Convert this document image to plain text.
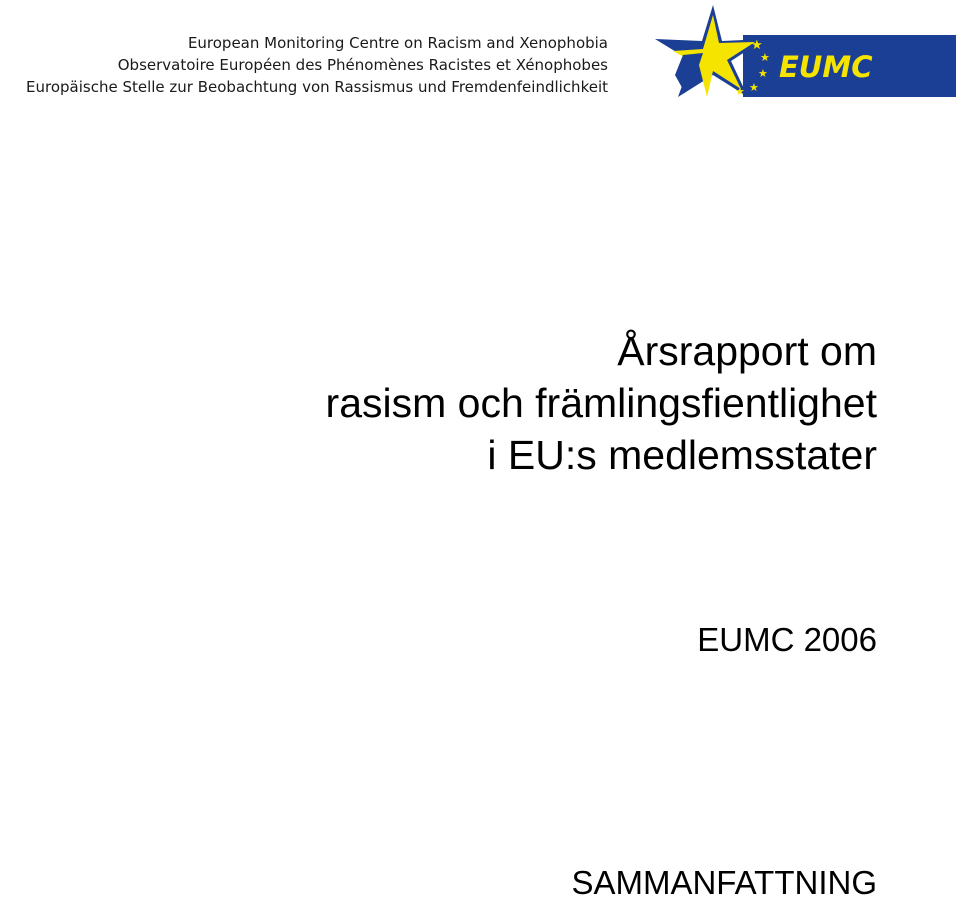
European Monitoring Centre on Racism and Xenophobia
Observatoire Européen des Phénomènes Racistes et Xénophobes
Europäische Stelle zur Beobachtung von Rassismus und Fremdenfeindlichkeit
★
★
★
★
★
EUMC
Årsrapport om
rasism och främlingsfientlighet
i EU:s medlemsstater
EUMC 2006
SAMMANFATTNING
